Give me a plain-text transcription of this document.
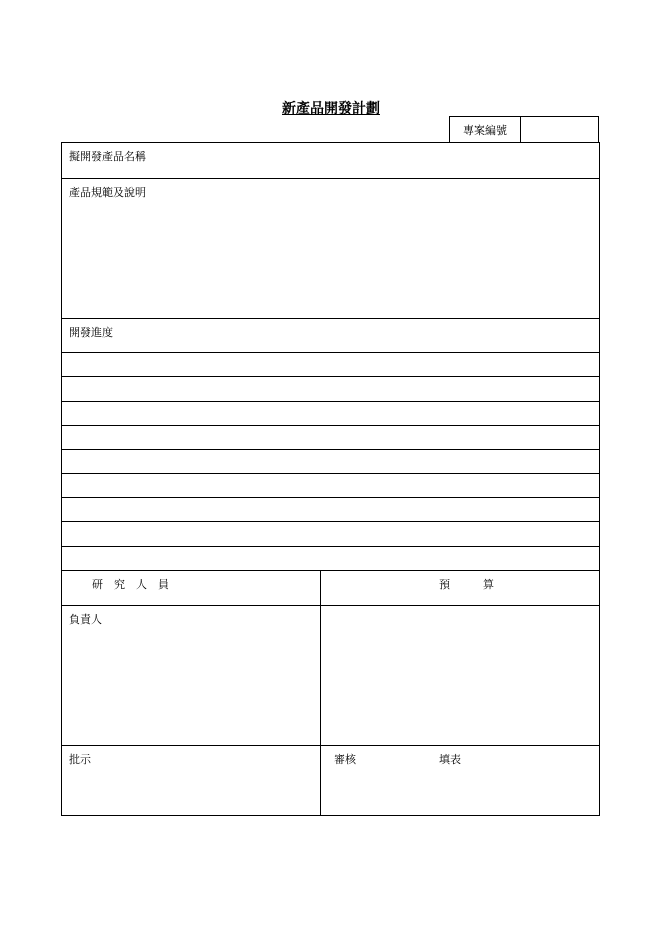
新產品開發計劃
專案編號
擬開發產品名稱
產品規範及說明
開發進度
研　究　人　員	預　　　算
負責人
批示	審核	填表
